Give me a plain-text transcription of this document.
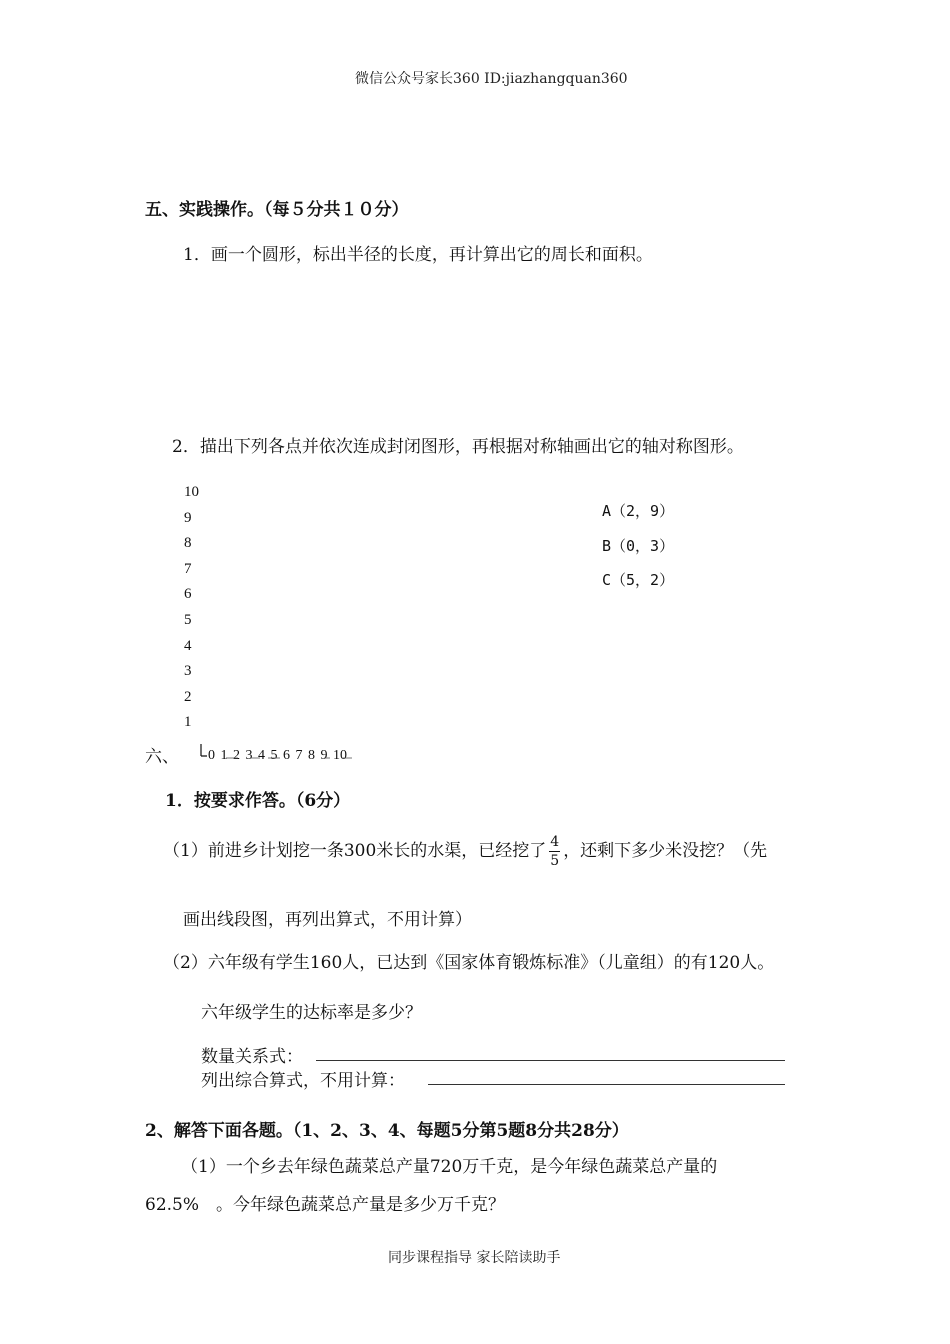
微信公众号家长360 ID:jiazhangquan360
五、实践操作。（每５分共１０分）
1．画一个圆形，标出半径的长度，再计算出它的周长和面积。
2．描出下列各点并依次连成封闭图形，再根据对称轴画出它的轴对称图形。
10
9
8
7
6
5
4
3
2
1
A（2，9）
B（0，3）
C（5，2）
六、 0 1 2 3 4 5 6 7 8 9 10
1．按要求作答。（6分）
（1）前进乡计划挖一条300米长的水渠，已经挖了 $\frac{4}{5}$ ，还剩下多少米没挖？（先
画出线段图，再列出算式，不用计算）
（2）六年级有学生160人，已达到《国家体育锻炼标准》（儿童组）的有120人。
六年级学生的达标率是多少？
数量关系式：
列出综合算式，不用计算：
2、解答下面各题。（1、2、3、4、每题5分第5题8分共28分）
（1）一个乡去年绿色蔬菜总产量720万千克，是今年绿色蔬菜总产量的
62.5%　。今年绿色蔬菜总产量是多少万千克？
同步课程指导 家长陪读助手
